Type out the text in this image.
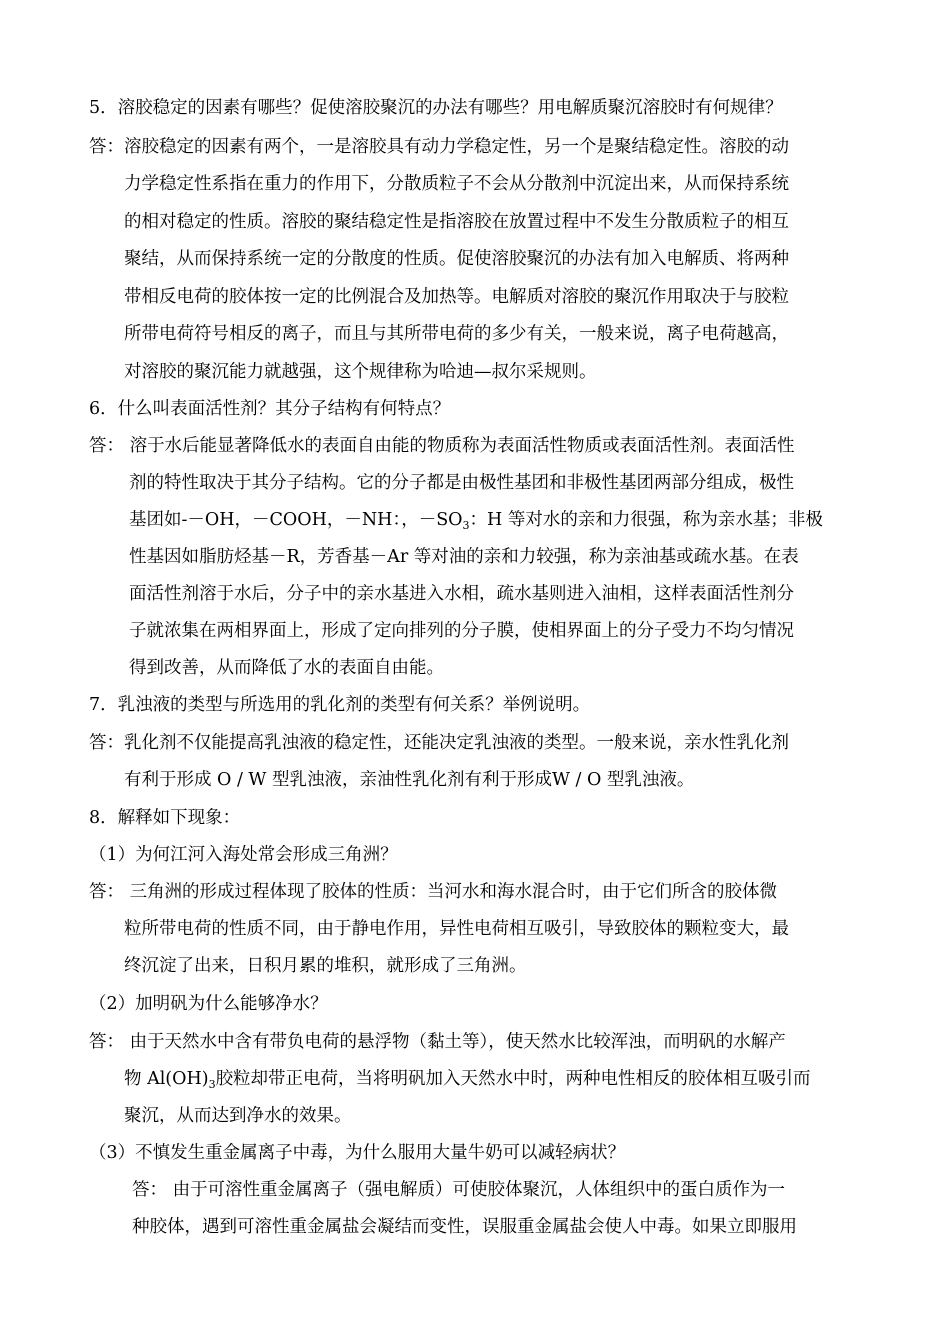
5．溶胶稳定的因素有哪些？促使溶胶聚沉的办法有哪些？用电解质聚沉溶胶时有何规律？
答：溶胶稳定的因素有两个，一是溶胶具有动力学稳定性，另一个是聚结稳定性。溶胶的动
力学稳定性系指在重力的作用下，分散质粒子不会从分散剂中沉淀出来，从而保持系统
的相对稳定的性质。溶胶的聚结稳定性是指溶胶在放置过程中不发生分散质粒子的相互
聚结，从而保持系统一定的分散度的性质。促使溶胶聚沉的办法有加入电解质、将两种
带相反电荷的胶体按一定的比例混合及加热等。电解质对溶胶的聚沉作用取决于与胶粒
所带电荷符号相反的离子，而且与其所带电荷的多少有关，一般来说，离子电荷越高，
对溶胶的聚沉能力就越强，这个规律称为哈迪—叔尔采规则。
6．什么叫表面活性剂？其分子结构有何特点？
答： 溶于水后能显著降低水的表面自由能的物质称为表面活性物质或表面活性剂。表面活性
剂的特性取决于其分子结构。它的分子都是由极性基团和非极性基团两部分组成，极性
基团如-－OH，－COOH，－NH：，$-SO_3$：H 等对水的亲和力很强，称为亲水基；非极
性基因如脂肪烃基－R，芳香基－Ar 等对油的亲和力较强，称为亲油基或疏水基。在表
面活性剂溶于水后，分子中的亲水基进入水相，疏水基则进入油相，这样表面活性剂分
子就浓集在两相界面上，形成了定向排列的分子膜，使相界面上的分子受力不均匀情况
得到改善，从而降低了水的表面自由能。
7．乳浊液的类型与所选用的乳化剂的类型有何关系？举例说明。
答：乳化剂不仅能提高乳浊液的稳定性，还能决定乳浊液的类型。一般来说，亲水性乳化剂
有利于形成 O / W 型乳浊液，亲油性乳化剂有利于形成W / O 型乳浊液。
8．解释如下现象：
（1）为何江河入海处常会形成三角洲？
答： 三角洲的形成过程体现了胶体的性质：当河水和海水混合时，由于它们所含的胶体微
粒所带电荷的性质不同，由于静电作用，异性电荷相互吸引，导致胶体的颗粒变大，最
终沉淀了出来，日积月累的堆积，就形成了三角洲。
（2）加明矾为什么能够净水？
答： 由于天然水中含有带负电荷的悬浮物（黏土等），使天然水比较浑浊，而明矾的水解产
物 $Al(OH)_3$胶粒却带正电荷，当将明矾加入天然水中时，两种电性相反的胶体相互吸引而
聚沉，从而达到净水的效果。
（3）不慎发生重金属离子中毒，为什么服用大量牛奶可以减轻病状？
答： 由于可溶性重金属离子（强电解质）可使胶体聚沉，人体组织中的蛋白质作为一
种胶体，遇到可溶性重金属盐会凝结而变性，误服重金属盐会使人中毒。如果立即服用
